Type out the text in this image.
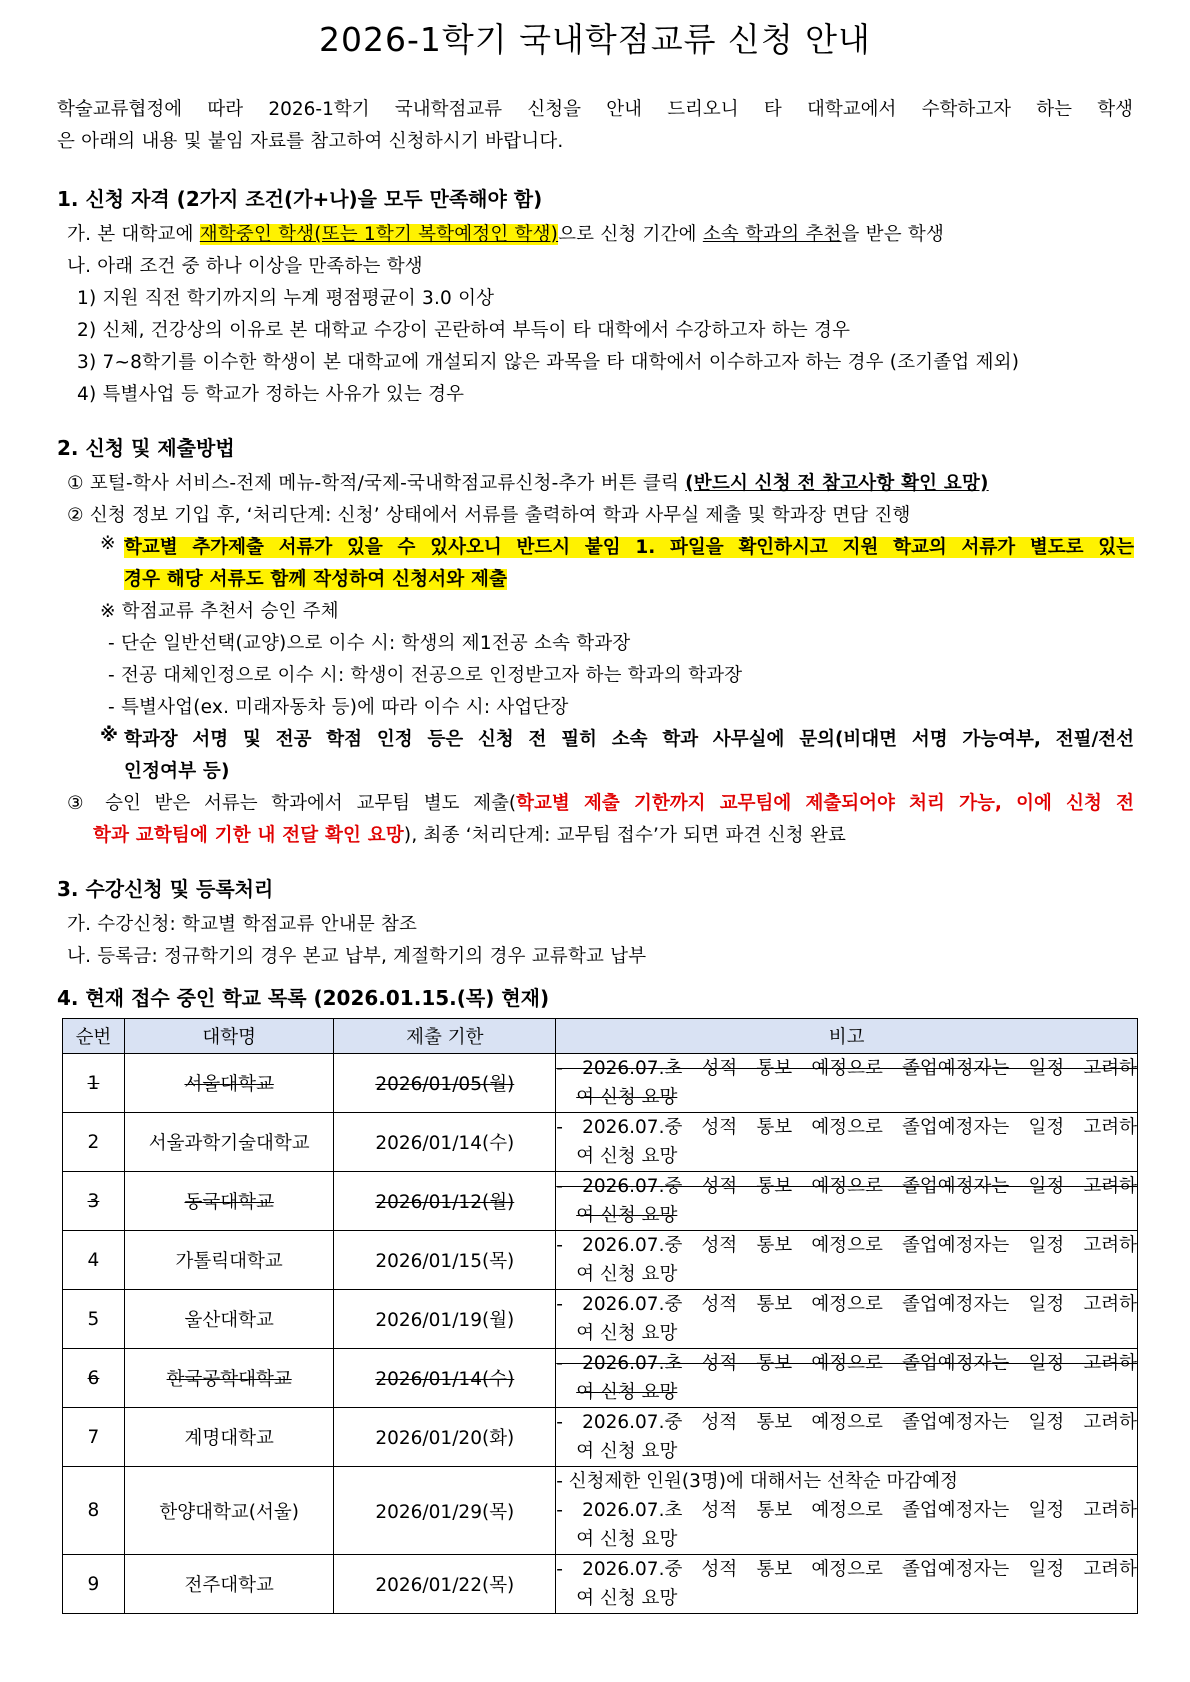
2026-1학기 국내학점교류 신청 안내
학술교류협정에 따라 2026-1학기 국내학점교류 신청을 안내 드리오니 타 대학교에서 수학하고자 하는 학생
은 아래의 내용 및 붙임 자료를 참고하여 신청하시기 바랍니다.
1. 신청 자격 (2가지 조건(가+나)을 모두 만족해야 함)
가. 본 대학교에 재학중인 학생(또는 1학기 복학예정인 학생)으로 신청 기간에 소속 학과의 추천을 받은 학생
나. 아래 조건 중 하나 이상을 만족하는 학생
1) 지원 직전 학기까지의 누계 평점평균이 3.0 이상
2) 신체, 건강상의 이유로 본 대학교 수강이 곤란하여 부득이 타 대학에서 수강하고자 하는 경우
3) 7~8학기를 이수한 학생이 본 대학교에 개설되지 않은 과목을 타 대학에서 이수하고자 하는 경우 (조기졸업 제외)
4) 특별사업 등 학교가 정하는 사유가 있는 경우
2. 신청 및 제출방법
① 포털-학사 서비스-전제 메뉴-학적/국제-국내학점교류신청-추가 버튼 클릭 (반드시 신청 전 참고사항 확인 요망)
② 신청 정보 기입 후, ‘처리단계: 신청’ 상태에서 서류를 출력하여 학과 사무실 제출 및 학과장 면담 진행
※ 학교별 추가제출 서류가 있을 수 있사오니 반드시 붙임 1. 파일을 확인하시고 지원 학교의 서류가 별도로 있는
경우 해당 서류도 함께 작성하여 신청서와 제출
※ 학점교류 추천서 승인 주체
- 단순 일반선택(교양)으로 이수 시: 학생의 제1전공 소속 학과장
- 전공 대체인정으로 이수 시: 학생이 전공으로 인정받고자 하는 학과의 학과장
- 특별사업(ex. 미래자동차 등)에 따라 이수 시: 사업단장
※ 학과장 서명 및 전공 학점 인정 등은 신청 전 필히 소속 학과 사무실에 문의(비대면 서명 가능여부, 전필/전선
인정여부 등)
③ 승인 받은 서류는 학과에서 교무팀 별도 제출(학교별 제출 기한까지 교무팀에 제출되어야 처리 가능, 이에 신청 전
학과 교학팀에 기한 내 전달 확인 요망), 최종 ‘처리단계: 교무팀 접수’가 되면 파견 신청 완료
3. 수강신청 및 등록처리
가. 수강신청: 학교별 학점교류 안내문 참조
나. 등록금: 정규학기의 경우 본교 납부, 계절학기의 경우 교류학교 납부
4. 현재 접수 중인 학교 목록 (2026.01.15.(목) 현재)
순번	대학명	제출 기한	비고
1	서울대학교	2026/01/05(월)	- 2026.07.초 성적 통보 예정으로 졸업예정자는 일정 고려하
여 신청 요망

2	서울과학기술대학교	2026/01/14(수)	- 2026.07.중 성적 통보 예정으로 졸업예정자는 일정 고려하
여 신청 요망

3	동국대학교	2026/01/12(월)	- 2026.07.중 성적 통보 예정으로 졸업예정자는 일정 고려하
여 신청 요망

4	가톨릭대학교	2026/01/15(목)	- 2026.07.중 성적 통보 예정으로 졸업예정자는 일정 고려하
여 신청 요망

5	울산대학교	2026/01/19(월)	- 2026.07.중 성적 통보 예정으로 졸업예정자는 일정 고려하
여 신청 요망

6	한국공학대학교	2026/01/14(수)	- 2026.07.초 성적 통보 예정으로 졸업예정자는 일정 고려하
여 신청 요망

7	계명대학교	2026/01/20(화)	- 2026.07.중 성적 통보 예정으로 졸업예정자는 일정 고려하
여 신청 요망

8	한양대학교(서울)	2026/01/29(목)	- 신청제한 인원(3명)에 대해서는 선착순 마감예정
- 2026.07.초 성적 통보 예정으로 졸업예정자는 일정 고려하
여 신청 요망

9	전주대학교	2026/01/22(목)	- 2026.07.중 성적 통보 예정으로 졸업예정자는 일정 고려하
여 신청 요망
